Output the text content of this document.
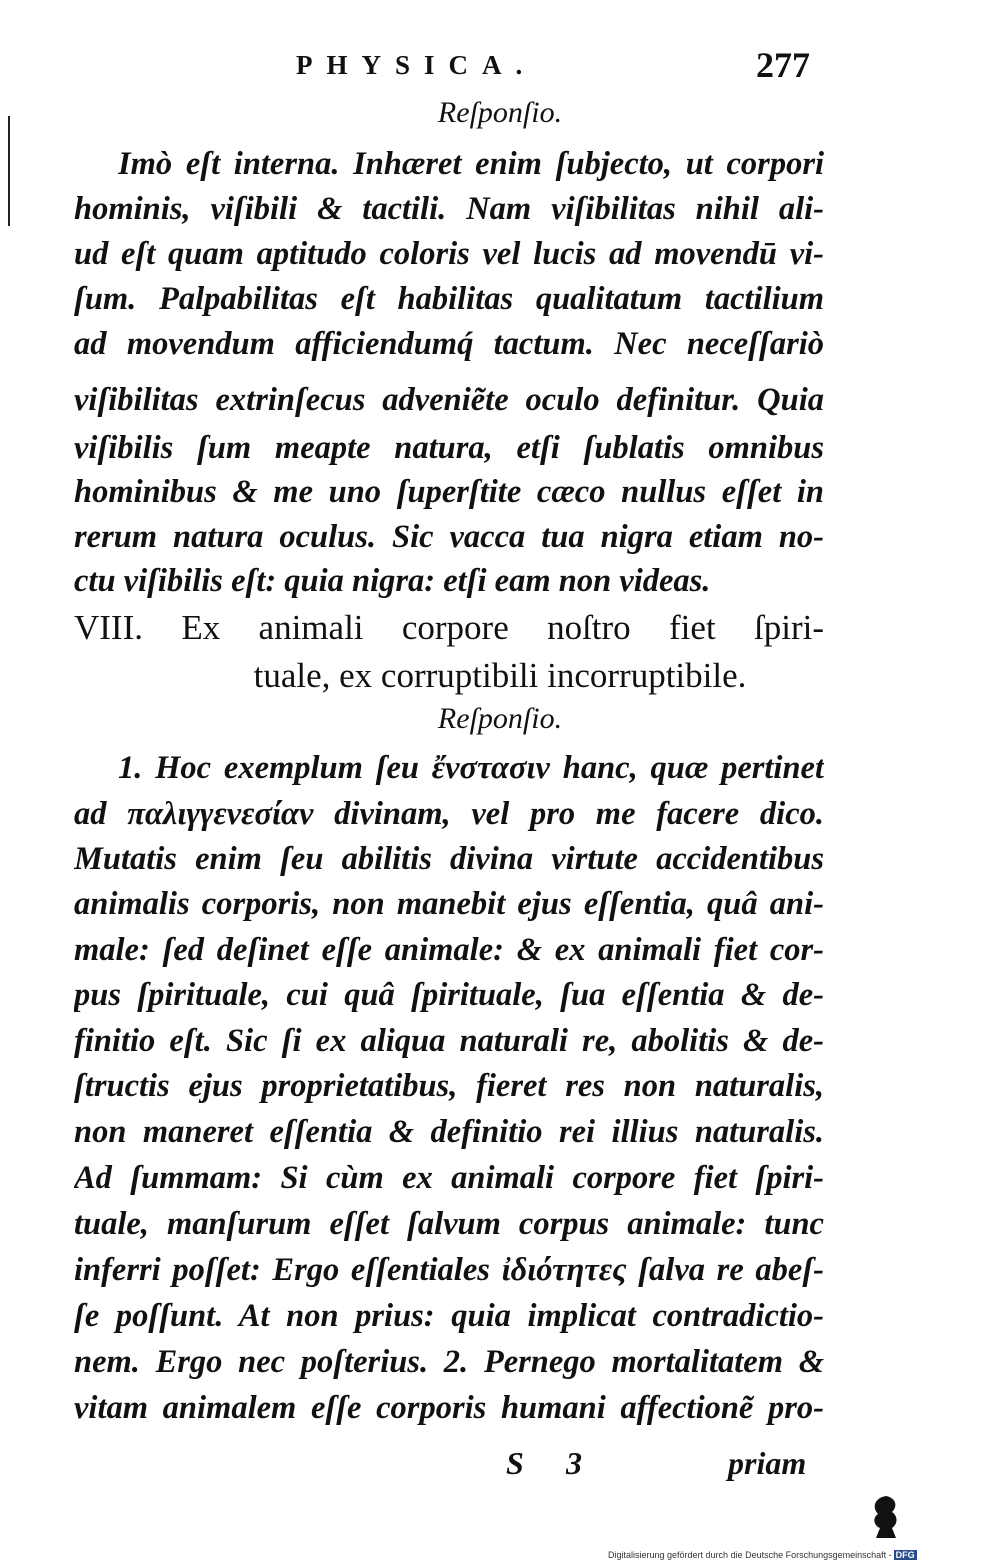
PHYSICA.	277
Reſponſio.
Imò eſt interna. Inhæret enim ſubjecto, ut corpori
hominis, viſibili & tactili. Nam viſibilitas nihil ali-
ud eſt quam aptitudo coloris vel lucis ad movendū vi-
ſum. Palpabilitas eſt habilitas qualitatum tactilium
ad movendum afficiendumq́ tactum. Nec neceſſariò
viſibilitas extrinſecus adveniẽte oculo definitur. Quia
viſibilis ſum meapte natura, etſi ſublatis omnibus
hominibus & me uno ſuperſtite cæco nullus eſſet in
rerum natura oculus. Sic vacca tua nigra etiam no-
ctu viſibilis eſt: quia nigra: etſi eam non videas.
VIII. Ex animali corpore noſtro fiet ſpiri-
tuale, ex corruptibili incorruptibile.
Reſponſio.
1. Hoc exemplum ſeu ἔνστασιν hanc, quæ pertinet
ad παλιγγενεσίαν divinam, vel pro me facere dico.
Mutatis enim ſeu abilitis divina virtute accidentibus
animalis corporis, non manebit ejus eſſentia, quâ ani-
male: ſed deſinet eſſe animale: & ex animali fiet cor-
pus ſpirituale, cui quâ ſpirituale, ſua eſſentia & de-
finitio eſt. Sic ſi ex aliqua naturali re, abolitis & de-
ſtructis ejus proprietatibus, fieret res non naturalis,
non maneret eſſentia & definitio rei illius naturalis.
Ad ſummam: Si cùm ex animali corpore fiet ſpiri-
tuale, manſurum eſſet ſalvum corpus animale: tunc
inferri poſſet: Ergo eſſentiales ἰδιότητες ſalva re abeſ-
ſe poſſunt. At non prius: quia implicat contradictio-
nem. Ergo nec poſterius. 2. Pernego mortalitatem &
vitam animalem eſſe corporis humani affectionẽ pro-
S 3	priam
Digitalisierung gefördert durch die Deutsche Forschungsgemeinschaft - DFG
